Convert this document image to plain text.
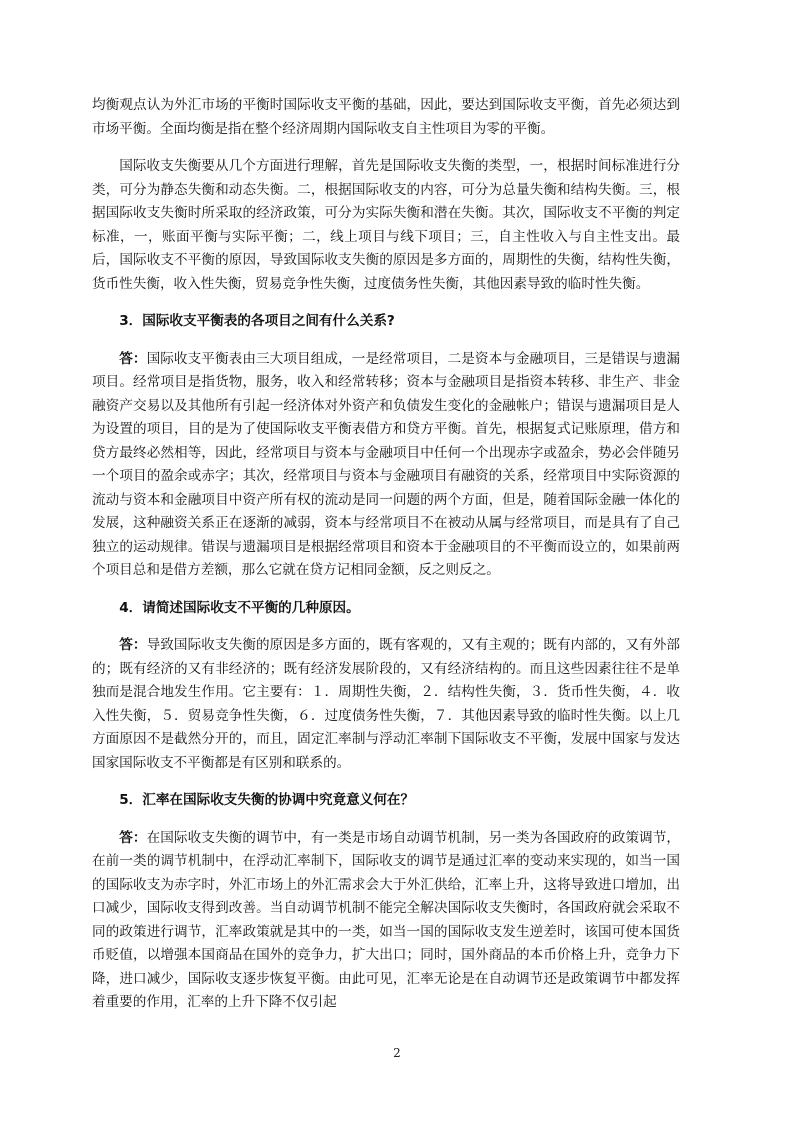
均衡观点认为外汇市场的平衡时国际收支平衡的基础，因此，要达到国际收支平衡，首先必须达到市场平衡。全面均衡是指在整个经济周期内国际收支自主性项目为零的平衡。

国际收支失衡要从几个方面进行理解，首先是国际收支失衡的类型，一，根据时间标准进行分类，可分为静态失衡和动态失衡。二，根据国际收支的内容，可分为总量失衡和结构失衡。三，根据国际收支失衡时所采取的经济政策，可分为实际失衡和潜在失衡。其次，国际收支不平衡的判定标准，一，账面平衡与实际平衡；二，线上项目与线下项目；三，自主性收入与自主性支出。最后，国际收支不平衡的原因，导致国际收支失衡的原因是多方面的，周期性的失衡，结构性失衡，货币性失衡，收入性失衡，贸易竞争性失衡，过度债务性失衡，其他因素导致的临时性失衡。

3．国际收支平衡表的各项目之间有什么关系?

答：国际收支平衡表由三大项目组成，一是经常项目，二是资本与金融项目，三是错误与遗漏项目。经常项目是指货物，服务，收入和经常转移；资本与金融项目是指资本转移、非生产、非金融资产交易以及其他所有引起一经济体对外资产和负债发生变化的金融帐户；错误与遗漏项目是人为设置的项目，目的是为了使国际收支平衡表借方和贷方平衡。首先，根据复式记账原理，借方和贷方最终必然相等，因此，经常项目与资本与金融项目中任何一个出现赤字或盈余，势必会伴随另一个项目的盈余或赤字；其次，经常项目与资本与金融项目有融资的关系，经常项目中实际资源的流动与资本和金融项目中资产所有权的流动是同一问题的两个方面，但是，随着国际金融一体化的发展，这种融资关系正在逐渐的减弱，资本与经常项目不在被动从属与经常项目，而是具有了自己独立的运动规律。错误与遗漏项目是根据经常项目和资本于金融项目的不平衡而设立的，如果前两个项目总和是借方差额，那么它就在贷方记相同金额，反之则反之。

4．请简述国际收支不平衡的几种原因。

答：导致国际收支失衡的原因是多方面的，既有客观的，又有主观的；既有内部的，又有外部的；既有经济的又有非经济的；既有经济发展阶段的，又有经济结构的。而且这些因素往往不是单独而是混合地发生作用。它主要有：１．周期性失衡，２．结构性失衡，３．货币性失衡，４．收入性失衡，５．贸易竞争性失衡，６．过度债务性失衡，７．其他因素导致的临时性失衡。以上几方面原因不是截然分开的，而且，固定汇率制与浮动汇率制下国际收支不平衡，发展中国家与发达国家国际收支不平衡都是有区别和联系的。

5．汇率在国际收支失衡的协调中究竟意义何在？

答：在国际收支失衡的调节中，有一类是市场自动调节机制，另一类为各国政府的政策调节，在前一类的调节机制中，在浮动汇率制下，国际收支的调节是通过汇率的变动来实现的，如当一国的国际收支为赤字时，外汇市场上的外汇需求会大于外汇供给，汇率上升，这将导致进口增加，出口减少，国际收支得到改善。当自动调节机制不能完全解决国际收支失衡时，各国政府就会采取不同的政策进行调节，汇率政策就是其中的一类，如当一国的国际收支发生逆差时，该国可使本国货币贬值，以增强本国商品在国外的竞争力，扩大出口；同时，国外商品的本币价格上升，竞争力下降，进口减少，国际收支逐步恢复平衡。由此可见，汇率无论是在自动调节还是政策调节中都发挥着重要的作用，汇率的上升下降不仅引起

2
